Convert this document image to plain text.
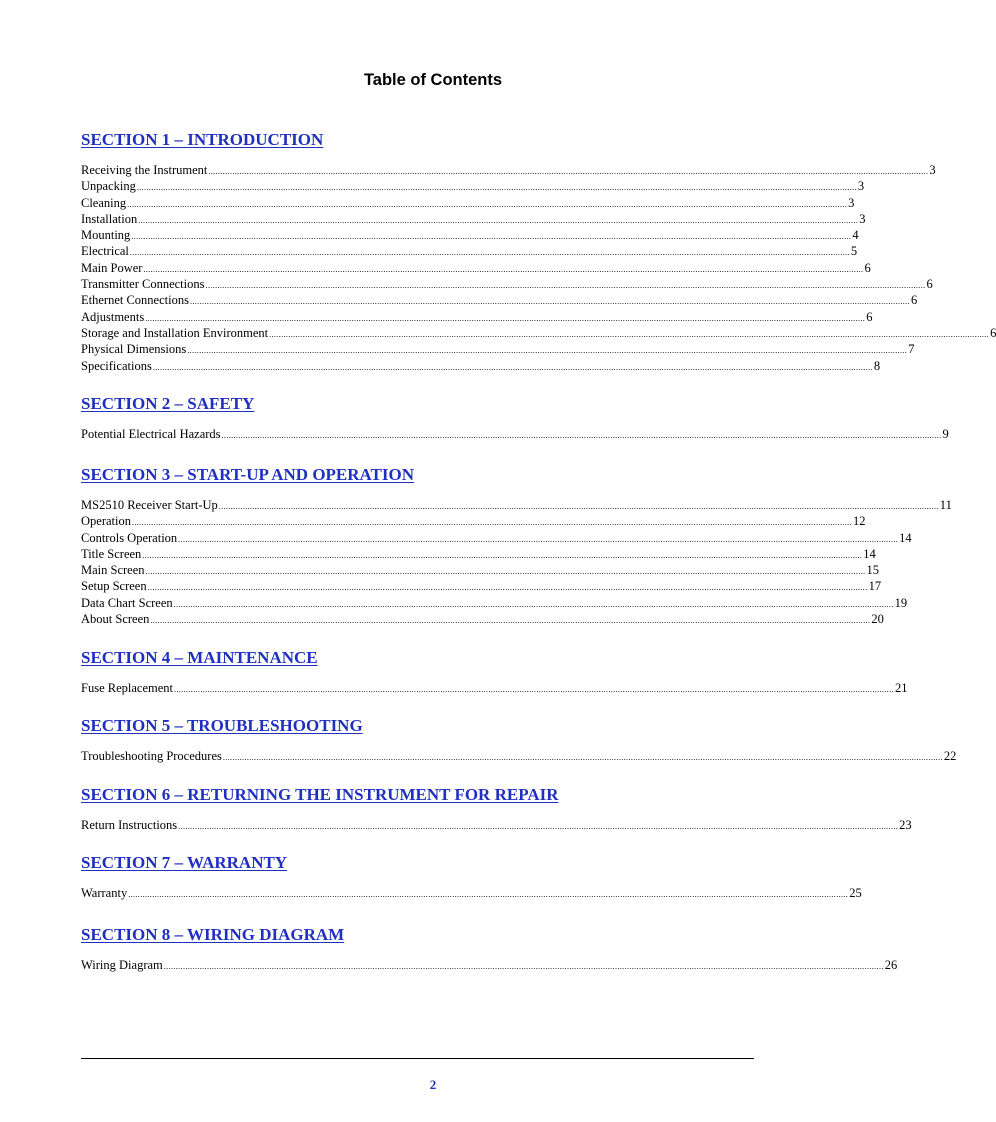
Table of Contents
SECTION 1 – INTRODUCTION
Receiving the Instrument ............................................................................................................................................................................................................................................................................................................ 3
Unpacking ............................................................................................................................................................................................................................................................................................................ 3
Cleaning ............................................................................................................................................................................................................................................................................................................ 3
Installation ............................................................................................................................................................................................................................................................................................................ 3
Mounting ............................................................................................................................................................................................................................................................................................................ 4
Electrical ............................................................................................................................................................................................................................................................................................................ 5
Main Power ............................................................................................................................................................................................................................................................................................................ 6
Transmitter Connections ............................................................................................................................................................................................................................................................................................................ 6
Ethernet Connections ............................................................................................................................................................................................................................................................................................................ 6
Adjustments ............................................................................................................................................................................................................................................................................................................ 6
Storage and Installation Environment ............................................................................................................................................................................................................................................................................................................ 6
Physical Dimensions ............................................................................................................................................................................................................................................................................................................ 7
Specifications ............................................................................................................................................................................................................................................................................................................ 8
SECTION 2 – SAFETY
Potential Electrical Hazards ............................................................................................................................................................................................................................................................................................................ 9
SECTION 3 – START-UP AND OPERATION
MS2510 Receiver Start-Up ............................................................................................................................................................................................................................................................................................................ 11
Operation ............................................................................................................................................................................................................................................................................................................ 12
Controls Operation ............................................................................................................................................................................................................................................................................................................ 14
Title Screen ............................................................................................................................................................................................................................................................................................................ 14
Main Screen ............................................................................................................................................................................................................................................................................................................ 15
Setup Screen ............................................................................................................................................................................................................................................................................................................ 17
Data Chart Screen ............................................................................................................................................................................................................................................................................................................ 19
About Screen ............................................................................................................................................................................................................................................................................................................ 20
SECTION 4 – MAINTENANCE
Fuse Replacement ............................................................................................................................................................................................................................................................................................................ 21
SECTION 5 – TROUBLESHOOTING
Troubleshooting Procedures ............................................................................................................................................................................................................................................................................................................ 22
SECTION 6 – RETURNING THE INSTRUMENT FOR REPAIR
Return Instructions ............................................................................................................................................................................................................................................................................................................ 23
SECTION 7 – WARRANTY
Warranty ............................................................................................................................................................................................................................................................................................................ 25
SECTION 8 – WIRING DIAGRAM
Wiring Diagram ............................................................................................................................................................................................................................................................................................................ 26
2
